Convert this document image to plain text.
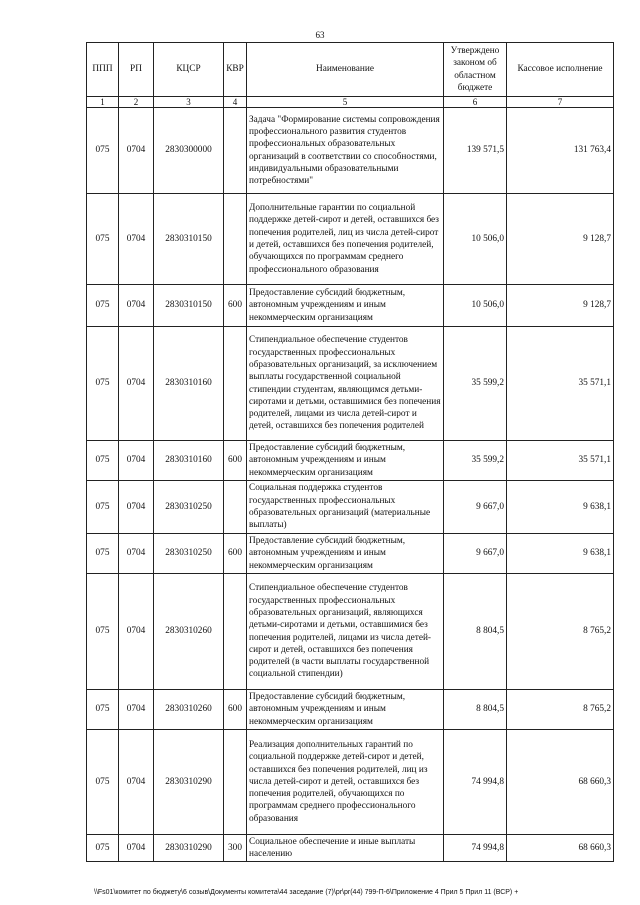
63
ППП	РП	КЦСР	КВР	Наименование	Утверждено законом об областном бюджете	Кассовое исполнение
1	2	3	4	5	6	7
075	0704	2830300000		Задача "Формирование системы сопровождения профессионального развития студентов профессиональных образовательных организаций в соответствии со способностями, индивидуальными образовательными потребностями"	139 571,5	131 763,4
075	0704	2830310150		Дополнительные гарантии по социальной поддержке детей-сирот и детей, оставшихся без попечения родителей, лиц из числа детей-сирот и детей, оставшихся без попечения родителей, обучающихся по программам среднего профессионального образования	10 506,0	9 128,7
075	0704	2830310150	600	Предоставление субсидий бюджетным, автономным учреждениям и иным некоммерческим организациям	10 506,0	9 128,7
075	0704	2830310160		Стипендиальное обеспечение студентов государственных профессиональных образовательных организаций, за исключением выплаты государственной социальной стипендии студентам, являющимся детьми-сиротами и детьми, оставшимися без попечения родителей, лицами из числа детей-сирот и детей, оставшихся без попечения родителей	35 599,2	35 571,1
075	0704	2830310160	600	Предоставление субсидий бюджетным, автономным учреждениям и иным некоммерческим организациям	35 599,2	35 571,1
075	0704	2830310250		Социальная поддержка студентов государственных профессиональных образовательных организаций (материальные выплаты)	9 667,0	9 638,1
075	0704	2830310250	600	Предоставление субсидий бюджетным, автономным учреждениям и иным некоммерческим организациям	9 667,0	9 638,1
075	0704	2830310260		Стипендиальное обеспечение студентов государственных профессиональных образовательных организаций, являющихся детьми-сиротами и детьми, оставшимися без попечения родителей, лицами из числа детей-сирот и детей, оставшихся без попечения родителей (в части выплаты государственной социальной стипендии)	8 804,5	8 765,2
075	0704	2830310260	600	Предоставление субсидий бюджетным, автономным учреждениям и иным некоммерческим организациям	8 804,5	8 765,2
075	0704	2830310290		Реализация дополнительных гарантий по социальной поддержке детей-сирот и детей, оставшихся без попечения родителей, лиц из числа детей-сирот и детей, оставшихся без попечения родителей, обучающихся по программам среднего профессионального образования	74 994,8	68 660,3
075	0704	2830310290	300	Социальное обеспечение и иные выплаты населению	74 994,8	68 660,3
\\Fs01\комитет по бюджету\6 созыв\Документы комитета\44 заседание (7)\pr\pr(44) 799-П-6\Приложение 4 Прил 5 Прил 11 (ВСР) +
